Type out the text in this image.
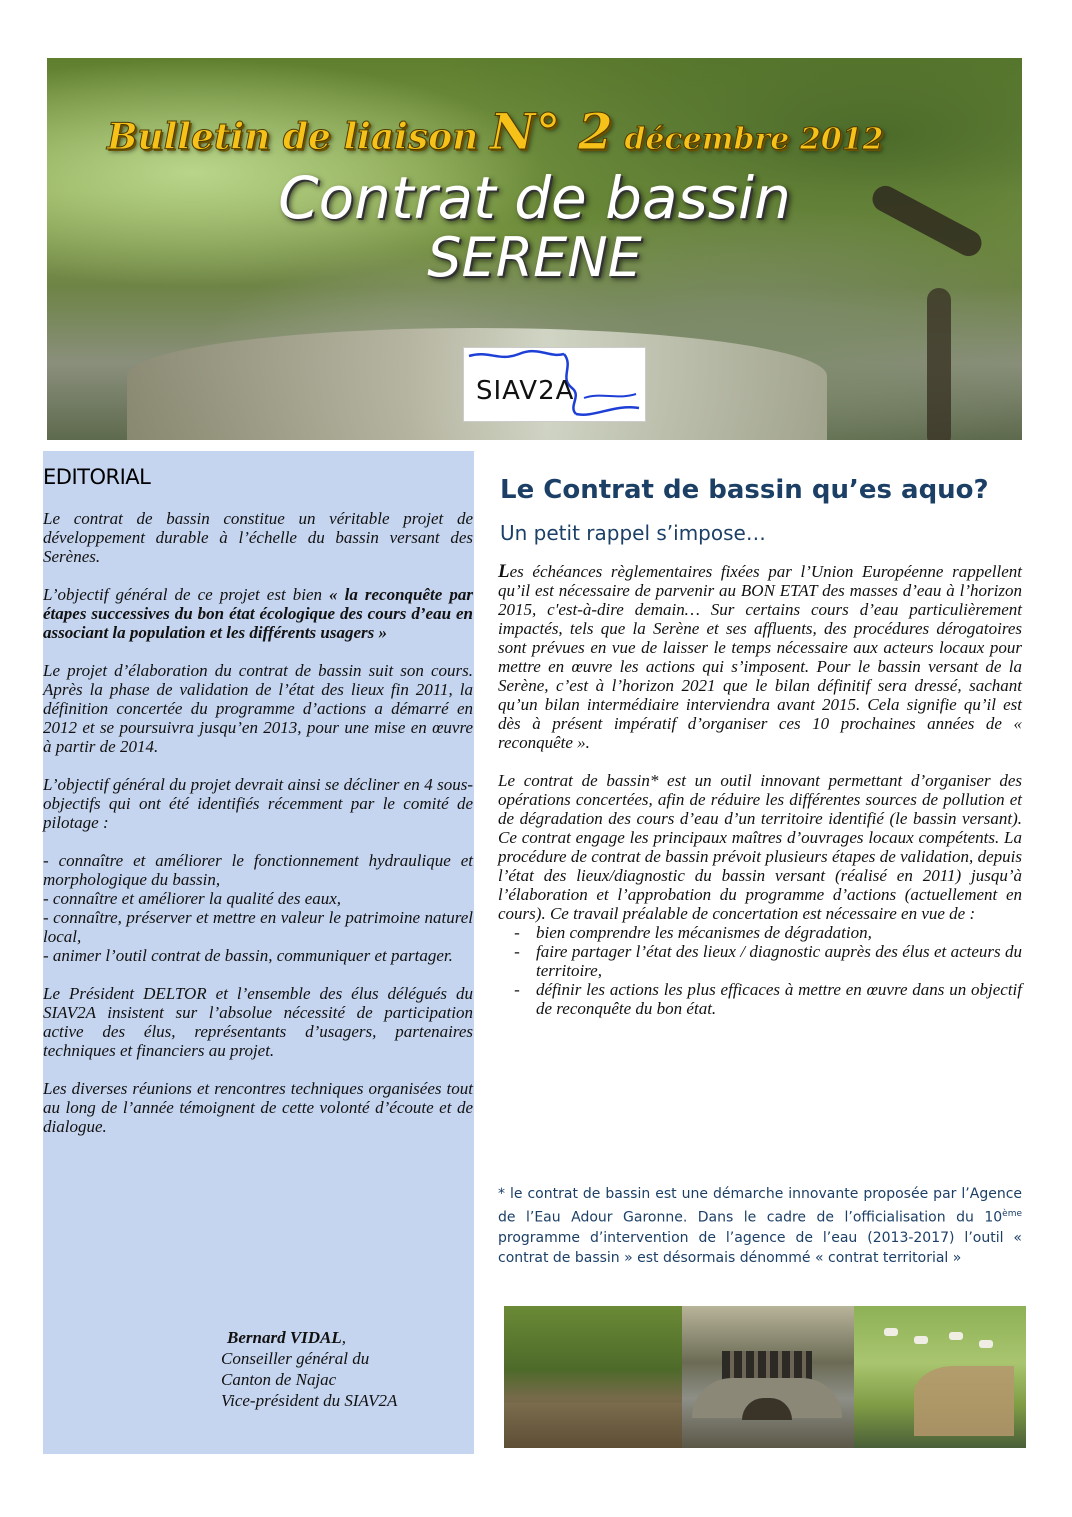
Bulletin de liaison N° 2 décembre 2012
Contrat de bassin
SERENE
SIAV2A
EDITORIAL

Le contrat de bassin constitue un véritable projet de développement durable à l’échelle du bassin versant des Serènes.

L’objectif général de ce projet est bien « la reconquête par étapes successives du bon état écologique des cours d’eau en associant la population et les différents usagers »

Le projet d’élaboration du contrat de bassin suit son cours. Après la phase de validation de l’état des lieux fin 2011, la définition concertée du programme d’actions a démarré en 2012 et se poursuivra jusqu’en 2013, pour une mise en œuvre à partir de 2014.

L’objectif général du projet devrait ainsi se décliner en 4 sous-objectifs qui ont été identifiés récemment par le comité de pilotage :

- connaître et améliorer le fonctionnement hydraulique et morphologique du bassin,

- connaître et améliorer la qualité des eaux,

- connaître, préserver et mettre en valeur le patrimoine naturel local,

- animer l’outil contrat de bassin, communiquer et partager.

Le Président DELTOR et l’ensemble des élus délégués du SIAV2A insistent sur l’absolue nécessité de participation active des élus, représentants d’usagers, partenaires techniques et financiers au projet.

Les diverses réunions et rencontres techniques organisées tout au long de l’année témoignent de cette volonté d’écoute et de dialogue.

Bernard VIDAL,
Conseiller général du
Canton de Najac
Vice-président du SIAV2A
Le Contrat de bassin qu’es aquo?
Un petit rappel s’impose…

Les échéances règlementaires fixées par l’Union Européenne rappellent qu’il est nécessaire de parvenir au BON ETAT des masses d’eau à l’horizon 2015, c'est-à-dire demain… Sur certains cours d’eau particulièrement impactés, tels que la Serène et ses affluents, des procédures dérogatoires sont prévues en vue de laisser le temps nécessaire aux acteurs locaux pour mettre en œuvre les actions qui s’imposent. Pour le bassin versant de la Serène, c’est à l’horizon 2021 que le bilan définitif sera dressé, sachant qu’un bilan intermédiaire interviendra avant 2015. Cela signifie qu’il est dès à présent impératif d’organiser ces 10 prochaines années de « reconquête ».

Le contrat de bassin* est un outil innovant permettant d’organiser des opérations concertées, afin de réduire les différentes sources de pollution et de dégradation des cours d’eau d’un territoire identifié (le bassin versant). Ce contrat engage les principaux maîtres d’ouvrages locaux compétents. La procédure de contrat de bassin prévoit plusieurs étapes de validation, depuis l’état des lieux/diagnostic du bassin versant (réalisé en 2011) jusqu’à l’élaboration et l’approbation du programme d’actions (actuellement en cours). Ce travail préalable de concertation est nécessaire en vue de :

- bien comprendre les mécanismes de dégradation,
- faire partager l’état des lieux / diagnostic auprès des élus et acteurs du territoire,
- définir les actions les plus efficaces à mettre en œuvre dans un objectif de reconquête du bon état.
* le contrat de bassin est une démarche innovante proposée par l’Agence de l’Eau Adour Garonne. Dans le cadre de l’officialisation du 10ème programme d’intervention de l’agence de l’eau (2013-2017) l’outil « contrat de bassin » est désormais dénommé « contrat territorial »
